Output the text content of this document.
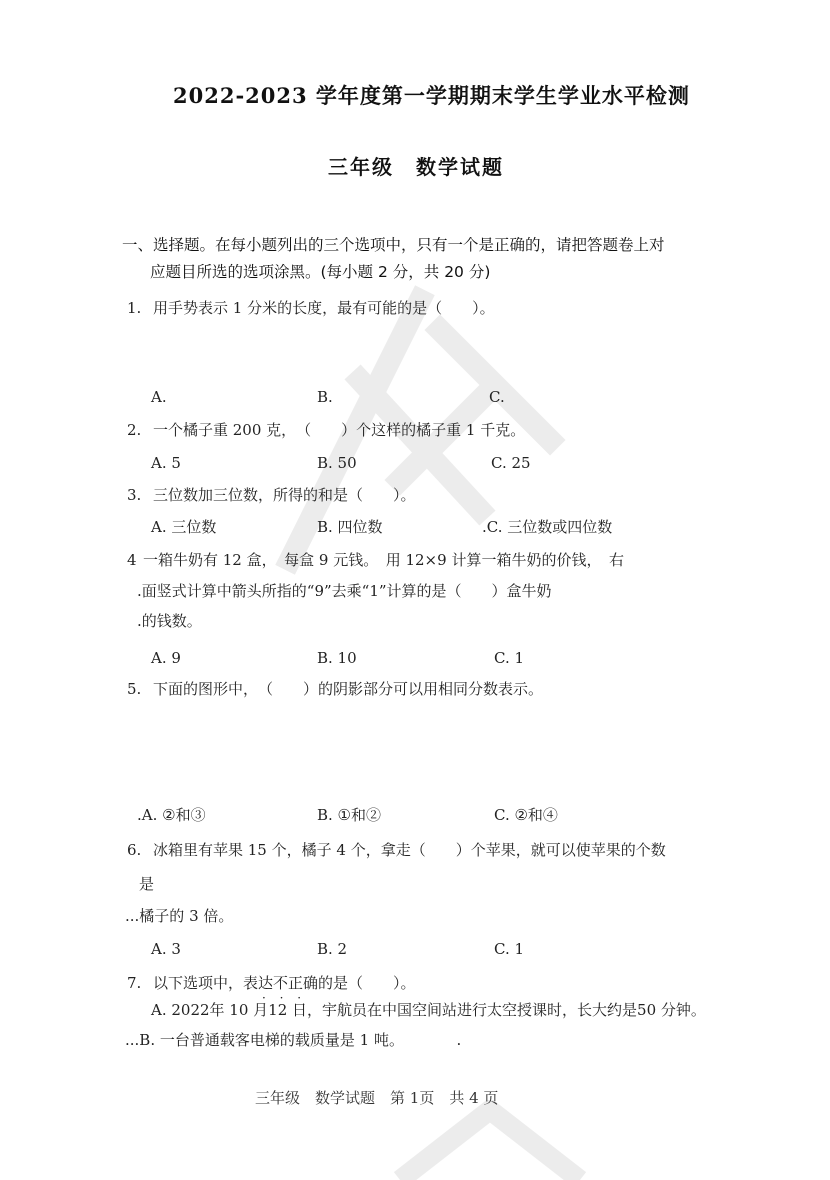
2022-2023 学年度第一学期期末学生学业水平检测
三年级　数学试题
一、选择题。在每小题列出的三个选项中，只有一个是正确的，请把答题卷上对
应题目所选的选项涂黑。(每小题 2 分，共 20 分)
1. 用手势表示 1 分米的长度，最有可能的是（　　）。
A.	B.	C.
2. 一个橘子重 200 克，　（　　）个这样的橘子重 1 千克。
A. 5	B. 50	C. 25
3. 三位数加三位数，所得的和是（　　）。
A. 三位数	B. 四位数	.C. 三位数或四位数
4 一箱牛奶有 12 盒，　每盒 9 元钱。　用 12×9 计算一箱牛奶的价钱，　右
.面竖式计算中箭头所指的“9”去乘“1”计算的是（　　）盒牛奶
.的钱数。
A. 9	B. 10	C. 1
5. 下面的图形中，　（　　）的阴影部分可以用相同分数表示。
.A. ②和③	B. ①和②	C. ②和④
6. 冰箱里有苹果 15 个，橘子 4 个，拿走（　　）个苹果，就可以使苹果的个数
是
...橘子的 3 倍。
A. 3	B. 2	C. 1
7. 以下选项中，表达不正确的是（　　）。
· · ·
A. 2022年 10 月12 日，宇航员在中国空间站进行太空授课时，长大约是50 分钟。
...B. 一台普通载客电梯的载质量是 1 吨。　　　　.
三年级　数学试题　第 1页　共 4 页
